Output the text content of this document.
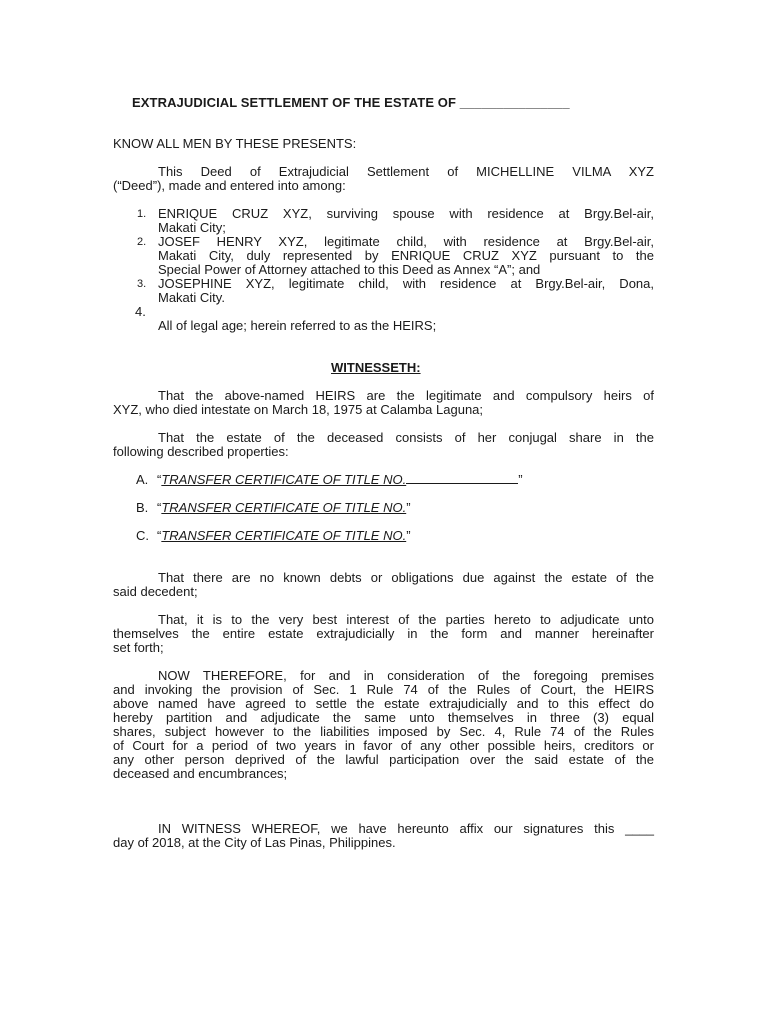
EXTRAJUDICIAL SETTLEMENT OF THE ESTATE OF _______________
KNOW ALL MEN BY THESE PRESENTS:
This Deed of Extrajudicial Settlement of MICHELLINE VILMA XYZ
(“Deed”), made and entered into among:
1. ENRIQUE CRUZ XYZ, surviving spouse with residence at Brgy.Bel-air,
Makati City;
2. JOSEF HENRY XYZ, legitimate child, with residence at Brgy.Bel-air,
Makati City, duly represented by ENRIQUE CRUZ XYZ pursuant to the
Special Power of Attorney attached to this Deed as Annex “A”; and
3. JOSEPHINE XYZ, legitimate child, with residence at Brgy.Bel-air, Dona,
Makati City.
4.
All of legal age; herein referred to as the HEIRS;
WITNESSETH:
That the above-named HEIRS are the legitimate and compulsory heirs of
XYZ, who died intestate on March 18, 1975 at Calamba Laguna;
That the estate of the deceased consists of her conjugal share in the
following described properties:
A. “TRANSFER CERTIFICATE OF TITLE NO.	”
B. “TRANSFER CERTIFICATE OF TITLE NO.”
C. “TRANSFER CERTIFICATE OF TITLE NO.”
That there are no known debts or obligations due against the estate of the
said decedent;
That, it is to the very best interest of the parties hereto to adjudicate unto
themselves the entire estate extrajudicially in the form and manner hereinafter
set forth;
NOW THEREFORE, for and in consideration of the foregoing premises
and invoking the provision of Sec. 1 Rule 74 of the Rules of Court, the HEIRS
above named have agreed to settle the estate extrajudicially and to this effect do
hereby partition and adjudicate the same unto themselves in three (3) equal
shares, subject however to the liabilities imposed by Sec. 4, Rule 74 of the Rules
of Court for a period of two years in favor of any other possible heirs, creditors or
any other person deprived of the lawful participation over the said estate of the
deceased and encumbrances;
IN WITNESS WHEREOF, we have hereunto affix our signatures this ____
day of 2018, at the City of Las Pinas, Philippines.
